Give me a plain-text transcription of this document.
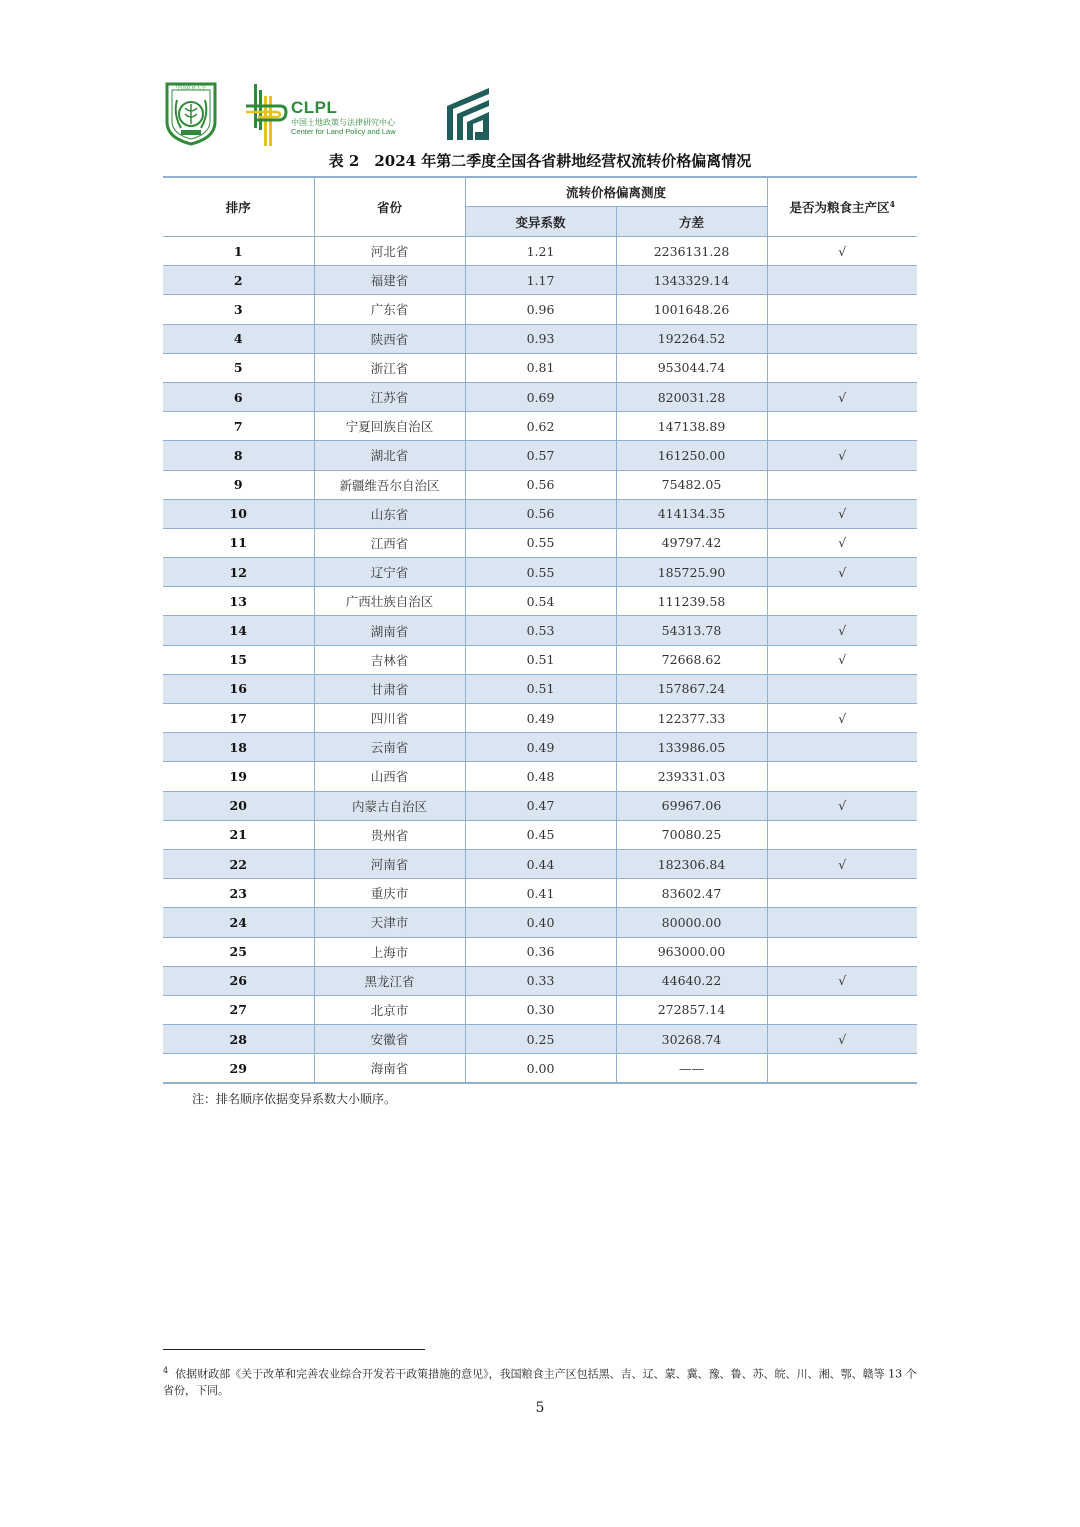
中国农业大学
CLPL
中国土地政策与法律研究中心
Center for Land Policy and Law
表 2　2024 年第二季度全国各省耕地经营权流转价格偏离情况
排序	省份	流转价格偏离测度		是否为粮食主产区$^4$
		变异系数	方差	
1	河北省	1.21	2236131.28	√
2	福建省	1.17	1343329.14	
3	广东省	0.96	1001648.26	
4	陕西省	0.93	192264.52	
5	浙江省	0.81	953044.74	
6	江苏省	0.69	820031.28	√
7	宁夏回族自治区	0.62	147138.89	
8	湖北省	0.57	161250.00	√
9	新疆维吾尔自治区	0.56	75482.05	
10	山东省	0.56	414134.35	√
11	江西省	0.55	49797.42	√
12	辽宁省	0.55	185725.90	√
13	广西壮族自治区	0.54	111239.58	
14	湖南省	0.53	54313.78	√
15	吉林省	0.51	72668.62	√
16	甘肃省	0.51	157867.24	
17	四川省	0.49	122377.33	√
18	云南省	0.49	133986.05	
19	山西省	0.48	239331.03	
20	内蒙古自治区	0.47	69967.06	√
21	贵州省	0.45	70080.25	
22	河南省	0.44	182306.84	√
23	重庆市	0.41	83602.47	
24	天津市	0.40	80000.00	
25	上海市	0.36	963000.00	
26	黑龙江省	0.33	44640.22	√
27	北京市	0.30	272857.14	
28	安徽省	0.25	30268.74	√
29	海南省	0.00	——	
注：排名顺序依据变异系数大小顺序。
$^4$ 依据财政部《关于改革和完善农业综合开发若干政策措施的意见》，我国粮食主产区包括黑、吉、辽、蒙、冀、豫、鲁、苏、皖、川、湘、鄂、赣等 13 个省份，下同。
5
